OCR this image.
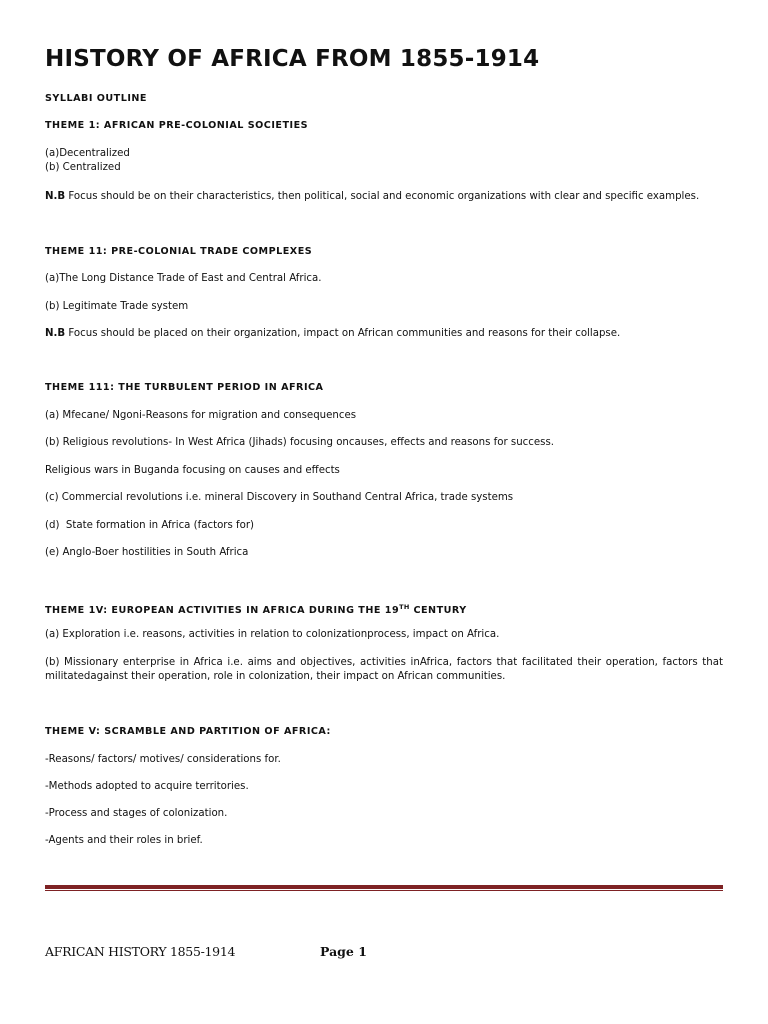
HISTORY OF AFRICA FROM 1855-1914
SYLLABI OUTLINE
THEME 1: AFRICAN PRE-COLONIAL SOCIETIES
(a)Decentralized
(b) Centralized
N.B Focus should be on their characteristics, then political, social and economic organizations with clear and specific examples.
THEME 11: PRE-COLONIAL TRADE COMPLEXES
(a)The Long Distance Trade of East and Central Africa.
(b) Legitimate Trade system
N.B Focus should be placed on their organization, impact on African communities and reasons for their collapse.
THEME 111: THE TURBULENT PERIOD IN AFRICA
(a) Mfecane/ Ngoni-Reasons for migration and consequences
(b) Religious revolutions- In West Africa (Jihads) focusing oncauses, effects and reasons for success.
Religious wars in Buganda focusing on causes and effects
(c) Commercial revolutions i.e. mineral Discovery in Southand Central Africa, trade systems
(d)  State formation in Africa (factors for)
(e) Anglo-Boer hostilities in South Africa
THEME 1V: EUROPEAN ACTIVITIES IN AFRICA DURING THE 19TH CENTURY
(a) Exploration i.e. reasons, activities in relation to colonizationprocess, impact on Africa.
(b) Missionary enterprise in Africa i.e. aims and objectives, activities inAfrica, factors that facilitated their operation, factors that militatedagainst their operation, role in colonization, their impact on African communities.
THEME V: SCRAMBLE AND PARTITION OF AFRICA:
-Reasons/ factors/ motives/ considerations for.
-Methods adopted to acquire territories.
-Process and stages of colonization.
-Agents and their roles in brief.
AFRICAN HISTORY 1855-1914	Page 1
